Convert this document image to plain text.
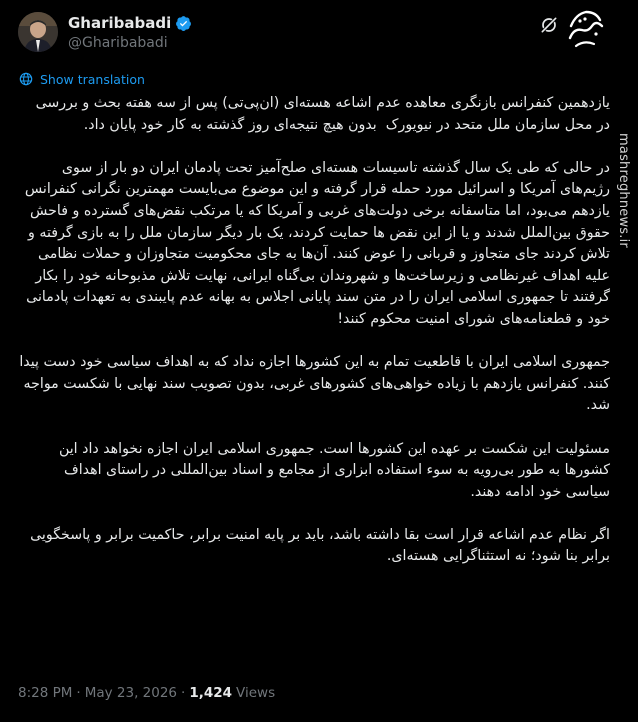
Gharibabadi
@Gharibabadi
mashreghnews.ir
Show translation

یازدهمین کنفرانس بازنگری معاهده عدم اشاعه هسته‌ای (ان‌پی‌تی) پس از سه هفته بحث و بررسی در محل سازمان ملل متحد در نیویورک  بدون هیچ نتیجه‌ای روز گذشته به کار خود پایان داد.

در حالی که طی یک سال گذشته تاسیسات هسته‌ای صلح‌آمیز تحت پادمان ایران دو بار از سوی رژیم‌های آمریکا و اسرائیل مورد حمله قرار گرفته و این موضوع می‌بایست مهمترین نگرانی کنفرانس یازدهم می‌بود، اما متاسفانه برخی دولت‌های غربی و آمریکا که یا مرتکب نقض‌های گسترده و فاحش حقوق بین‌الملل شدند و یا از این نقض ها حمایت کردند، یک بار دیگر سازمان ملل را به بازی گرفته و تلاش کردند جای متجاوز و قربانی را عوض کنند. آن‌ها به جای محکومیت متجاوزان و حملات نظامی علیه اهداف غیرنظامی و زیرساخت‌ها و شهروندان بی‌گناه ایرانی، نهایت تلاش مذبوحانه خود را بکار گرفتند تا جمهوری اسلامی ایران را در متن سند پایانی اجلاس به بهانه عدم پایبندی به تعهدات پادمانی خود و قطعنامه‌های شورای امنیت محکوم کنند!

جمهوری اسلامی ایران با قاطعیت تمام به این کشورها اجازه نداد که به اهداف سیاسی خود دست پیدا کنند. کنفرانس یازدهم با زیاده خواهی‌های کشورهای غربی، بدون تصویب سند نهایی با شکست مواجه شد.

مسئولیت این شکست بر عهده این کشورها است. جمهوری اسلامی ایران اجازه نخواهد داد این کشورها به طور بی‌رویه به سوء استفاده ابزاری از مجامع و اسناد بین‌المللی در راستای اهداف سیاسی خود ادامه دهند.

اگر نظام عدم اشاعه قرار است بقا داشته باشد، باید بر پایه امنیت برابر، حاکمیت برابر و پاسخگویی برابر بنا شود؛ نه استثناگرایی هسته‌ای.

8:28 PM · May 23, 2026 · 1,424 Views
